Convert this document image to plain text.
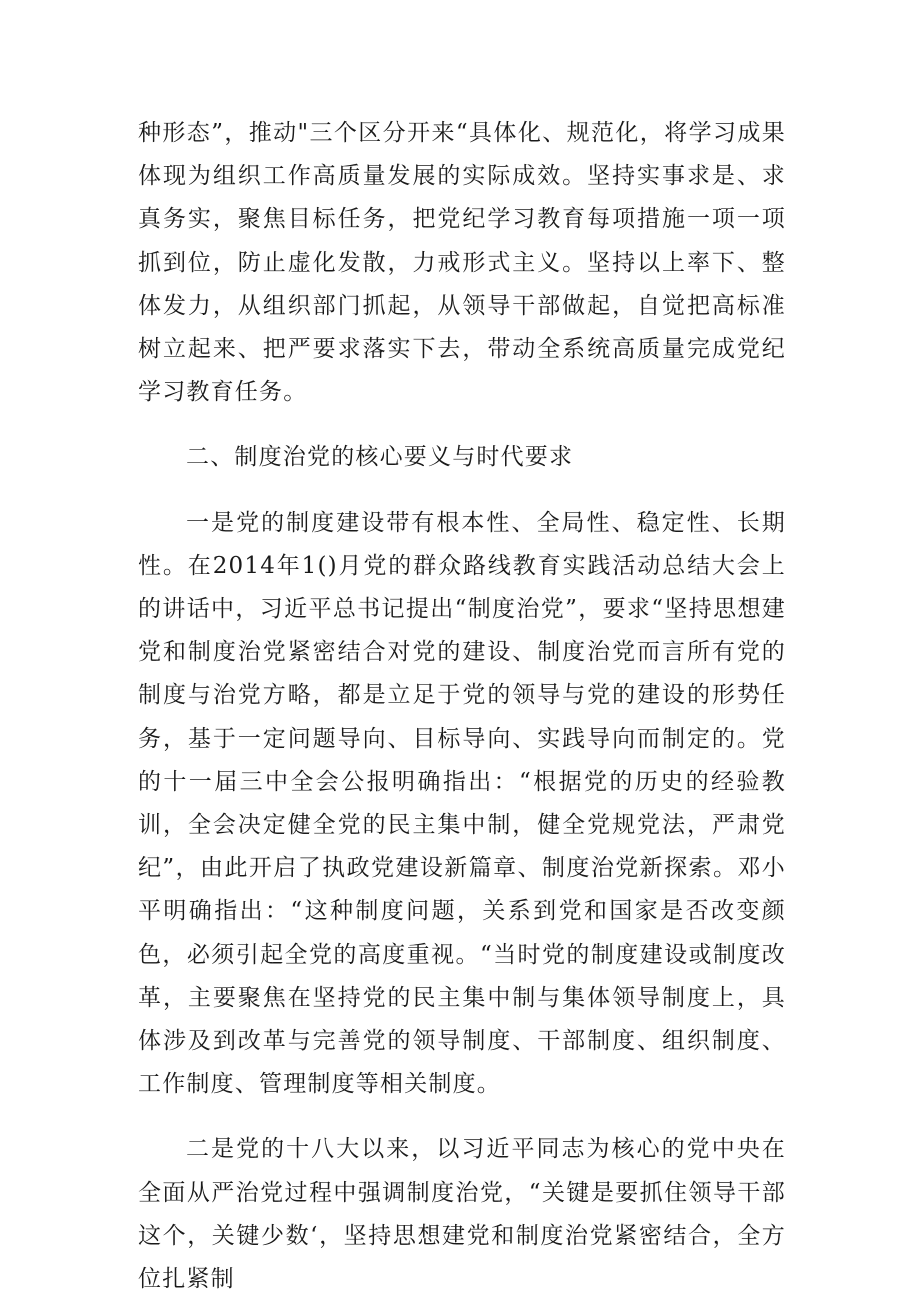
种形态”，推动"三个区分开来“具体化、规范化，将学习成果体现为组织工作高质量发展的实际成效。坚持实事求是、求真务实，聚焦目标任务，把党纪学习教育每项措施一项一项抓到位，防止虚化发散，力戒形式主义。坚持以上率下、整体发力，从组织部门抓起，从领导干部做起，自觉把高标准树立起来、把严要求落实下去，带动全系统高质量完成党纪学习教育任务。

二、制度治党的核心要义与时代要求

一是党的制度建设带有根本性、全局性、稳定性、长期性。在2014年1()月党的群众路线教育实践活动总结大会上的讲话中，习近平总书记提出“制度治党”，要求“坚持思想建党和制度治党紧密结合对党的建设、制度治党而言所有党的制度与治党方略，都是立足于党的领导与党的建设的形势任务，基于一定问题导向、目标导向、实践导向而制定的。党的十一届三中全会公报明确指出：“根据党的历史的经验教训，全会决定健全党的民主集中制，健全党规党法，严肃党纪”，由此开启了执政党建设新篇章、制度治党新探索。邓小平明确指出：“这种制度问题，关系到党和国家是否改变颜色，必须引起全党的高度重视。“当时党的制度建设或制度改革，主要聚焦在坚持党的民主集中制与集体领导制度上，具体涉及到改革与完善党的领导制度、干部制度、组织制度、工作制度、管理制度等相关制度。

二是党的十八大以来，以习近平同志为核心的党中央在全面从严治党过程中强调制度治党，“关键是要抓住领导干部这个，关键少数‘，坚持思想建党和制度治党紧密结合，全方位扎紧制
